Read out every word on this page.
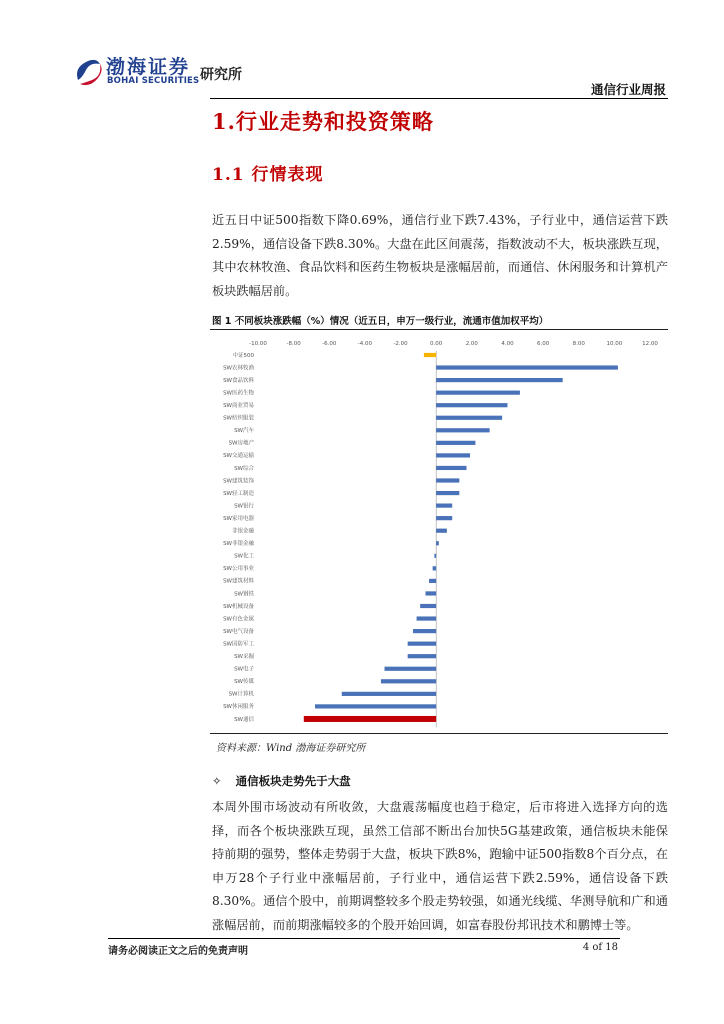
渤海证券
BOHAI SECURITIES 研究所
通信行业周报
1.行业走势和投资策略
1.1 行情表现
近五日中证500指数下降0.69%，通信行业下跌7.43%，子行业中，通信运营下跌2.59%，通信设备下跌8.30%。大盘在此区间震荡，指数波动不大，板块涨跌互现，其中农林牧渔、食品饮料和医药生物板块是涨幅居前，而通信、休闲服务和计算机产板块跌幅居前。
图 1 不同板块涨跌幅（%）情况（近五日，申万一级行业，流通市值加权平均）
-10.00	-8.00	-6.00	-4.00	-2.00	0.00	2.00	4.00	6.00	8.00	10.00	12.00
中证500
SW农林牧渔
SW食品饮料
SW医药生物
SW商业贸易
SW纺织服装
SW汽车
SW房地产
SW交通运输
SW综合
SW建筑装饰
SW轻工制造
SW银行
SW家用电器
非银金融
SW非银金融
SW化工
SW公用事业
SW建筑材料
SW钢铁
SW机械设备
SW有色金属
SW电气设备
SW国防军工
SW采掘
SW电子
SW传媒
SW计算机
SW休闲服务
SW通信
资料来源：Wind 渤海证券研究所
✧ 通信板块走势先于大盘
本周外围市场波动有所收敛，大盘震荡幅度也趋于稳定，后市将进入选择方向的选择，而各个板块涨跌互现，虽然工信部不断出台加快5G基建政策，通信板块未能保持前期的强势，整体走势弱于大盘，板块下跌8%，跑输中证500指数8个百分点，在申万28个子行业中涨幅居前，子行业中，通信运营下跌2.59%，通信设备下跌8.30%。通信个股中，前期调整较多个股走势较强，如通光线缆、华测导航和广和通涨幅居前，而前期涨幅较多的个股开始回调，如富春股份邦讯技术和鹏博士等。
请务必阅读正文之后的免责声明	4 of 18
